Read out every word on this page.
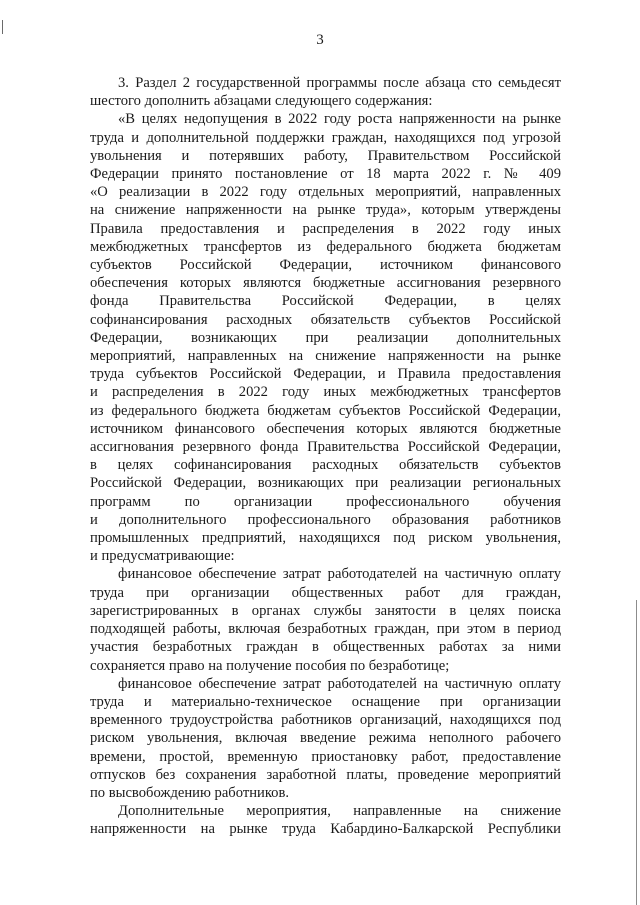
3

3. Раздел 2 государственной программы после абзаца сто семьдесят
шестого дополнить абзацами следующего содержания:

«В целях недопущения в 2022 году роста напряженности на рынке
труда и дополнительной поддержки граждан, находящихся под угрозой
увольнения и потерявших работу, Правительством Российской
Федерации принято постановление от 18 марта 2022 г. № 409
«О реализации в 2022 году отдельных мероприятий, направленных
на снижение напряженности на рынке труда», которым утверждены
Правила предоставления и распределения в 2022 году иных
межбюджетных трансфертов из федерального бюджета бюджетам
субъектов Российской Федерации, источником финансового
обеспечения которых являются бюджетные ассигнования резервного
фонда Правительства Российской Федерации, в целях
софинансирования расходных обязательств субъектов Российской
Федерации, возникающих при реализации дополнительных
мероприятий, направленных на снижение напряженности на рынке
труда субъектов Российской Федерации, и Правила предоставления
и распределения в 2022 году иных межбюджетных трансфертов
из федерального бюджета бюджетам субъектов Российской Федерации,
источником финансового обеспечения которых являются бюджетные
ассигнования резервного фонда Правительства Российской Федерации,
в целях софинансирования расходных обязательств субъектов
Российской Федерации, возникающих при реализации региональных
программ по организации профессионального обучения
и дополнительного профессионального образования работников
промышленных предприятий, находящихся под риском увольнения,
и предусматривающие:

финансовое обеспечение затрат работодателей на частичную оплату
труда при организации общественных работ для граждан,
зарегистрированных в органах службы занятости в целях поиска
подходящей работы, включая безработных граждан, при этом в период
участия безработных граждан в общественных работах за ними
сохраняется право на получение пособия по безработице;

финансовое обеспечение затрат работодателей на частичную оплату
труда и материально-техническое оснащение при организации
временного трудоустройства работников организаций, находящихся под
риском увольнения, включая введение режима неполного рабочего
времени, простой, временную приостановку работ, предоставление
отпусков без сохранения заработной платы, проведение мероприятий
по высвобождению работников.

Дополнительные мероприятия, направленные на снижение
напряженности на рынке труда Кабардино-Балкарской Республики
